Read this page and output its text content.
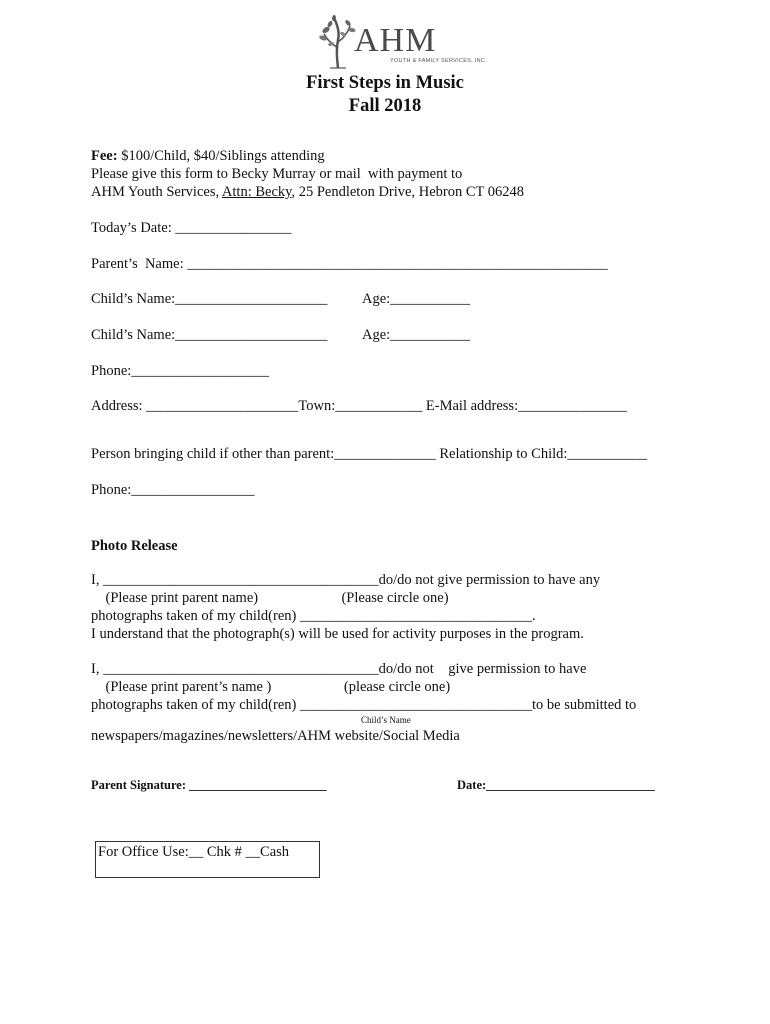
AHM
YOUTH & FAMILY SERVICES, INC.
First Steps in Music
Fall 2018
Fee: $100/Child, $40/Siblings attending
Please give this form to Becky Murray or mail  with payment to
AHM Youth Services, Attn: Becky, 25 Pendleton Drive, Hebron CT 06248
Today’s Date: ________________
Parent’s  Name: __________________________________________________________
Child’s Name:_____________________ Age:___________
Child’s Name:_____________________ Age:___________
Phone:___________________
Address: _____________________Town:____________ E-Mail address:_______________
Person bringing child if other than parent:______________ Relationship to Child:___________
Phone:_________________
Photo Release
I, ______________________________________do/do not give permission to have any
(Please print parent name)                       (Please circle one)
photographs taken of my child(ren) ________________________________.
I understand that the photograph(s) will be used for activity purposes in the program.
I, ______________________________________do/do not    give permission to have
(Please print parent’s name )                    (please circle one)
photographs taken of my child(ren) ________________________________to be submitted to
Child’s Name
newspapers/magazines/newsletters/AHM website/Social Media
Parent Signature: ______________________	Date:___________________________
For Office Use:__ Chk # __Cash
